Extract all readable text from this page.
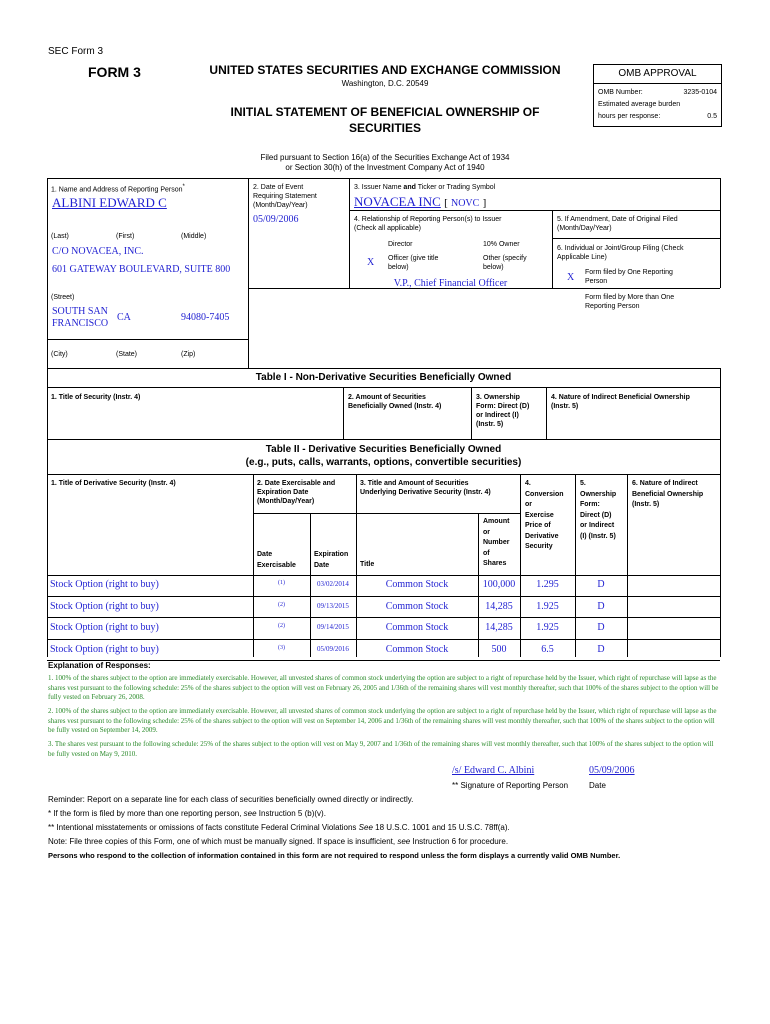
SEC Form 3
FORM 3	UNITED STATES SECURITIES AND EXCHANGE COMMISSION
Washington, D.C. 20549
INITIAL STATEMENT OF BENEFICIAL OWNERSHIP OF
SECURITIES
OMB APPROVAL
OMB Number:	3235-0104
Estimated average burden
hours per response:	0.5
Filed pursuant to Section 16(a) of the Securities Exchange Act of 1934
or Section 30(h) of the Investment Company Act of 1940
1. Name and Address of Reporting Person*
ALBINI EDWARD C
(Last)	(First)	(Middle)
C/O NOVACEA, INC.
601 GATEWAY BOULEVARD, SUITE 800
(Street)
SOUTH SAN
FRANCISCO
CA	94080-7405
(City)	(State)	(Zip)
2. Date of Event
Requiring Statement
(Month/Day/Year)
05/09/2006
3. Issuer Name and Ticker or Trading Symbol
NOVACEA INC [ NOVC ]
4. Relationship of Reporting Person(s) to Issuer
(Check all applicable)
Director	10% Owner
X Officer (give title
below)
Other (specify
below)
V.P., Chief Financial Officer
5. If Amendment, Date of Original Filed
(Month/Day/Year)
6. Individual or Joint/Group Filing (Check
Applicable Line)
X Form filed by One Reporting
Person
Form filed by More than One
Reporting Person
Table I - Non-Derivative Securities Beneficially Owned
1. Title of Security (Instr. 4)	2. Amount of Securities
Beneficially Owned (Instr. 4)
3. Ownership
Form: Direct (D)
or Indirect (I)
(Instr. 5)
4. Nature of Indirect Beneficial Ownership
(Instr. 5)
Table II - Derivative Securities Beneficially Owned
(e.g., puts, calls, warrants, options, convertible securities)
1. Title of Derivative Security (Instr. 4)	2. Date Exercisable and
Expiration Date
(Month/Day/Year)
3. Title and Amount of Securities
Underlying Derivative Security (Instr. 4)
4.
Conversion
or
Exercise
Price of
Derivative
Security
5.
Ownership
Form:
Direct (D)
or Indirect
(I) (Instr. 5)
6. Nature of Indirect
Beneficial Ownership
(Instr. 5)
Date
Exercisable
Expiration
Date	Title
Amount
or
Number
of
Shares
Stock Option (right to buy)	(1)	03/02/2014	Common Stock	100,000	1.295	D
Stock Option (right to buy)	(2)	09/13/2015	Common Stock	14,285	1.925	D
Stock Option (right to buy)	(2)	09/14/2015	Common Stock	14,285	1.925	D
Stock Option (right to buy)	(3)	05/09/2016	Common Stock	500	6.5	D
Explanation of Responses:
1. 100% of the shares subject to the option are immediately exercisable. However, all unvested shares of common stock underlying the option are subject to a right of repurchase held by the Issuer, which right of repurchase will lapse as the shares vest pursuant to the following schedule: 25% of the shares subject to the option will vest on February 26, 2005 and 1/36th of the remaining shares will vest monthly thereafter, such that 100% of the shares subject to the option will be fully vested on February 26, 2008.
2. 100% of the shares subject to the option are immediately exercisable. However, all unvested shares of common stock underlying the option are subject to a right of repurchase held by the Issuer, which right of repurchase will lapse as the shares vest pursuant to the following schedule: 25% of the shares subject to the option will vest on September 14, 2006 and 1/36th of the remaining shares will vest monthly thereafter, such that 100% of the shares subject to the option will be fully vested on September 14, 2009.
3. The shares vest pursuant to the following schedule: 25% of the shares subject to the option will vest on May 9, 2007 and 1/36th of the remaining shares will vest monthly thereafter, such that 100% of the shares subject to the option will be fully vested on May 9, 2010.
/s/ Edward C. Albini	05/09/2006
** Signature of Reporting Person	Date
Reminder: Report on a separate line for each class of securities beneficially owned directly or indirectly.
* If the form is filed by more than one reporting person, see Instruction 5 (b)(v).
** Intentional misstatements or omissions of facts constitute Federal Criminal Violations See 18 U.S.C. 1001 and 15 U.S.C. 78ff(a).
Note: File three copies of this Form, one of which must be manually signed. If space is insufficient, see Instruction 6 for procedure.
Persons who respond to the collection of information contained in this form are not required to respond unless the form displays a currently valid OMB Number.
